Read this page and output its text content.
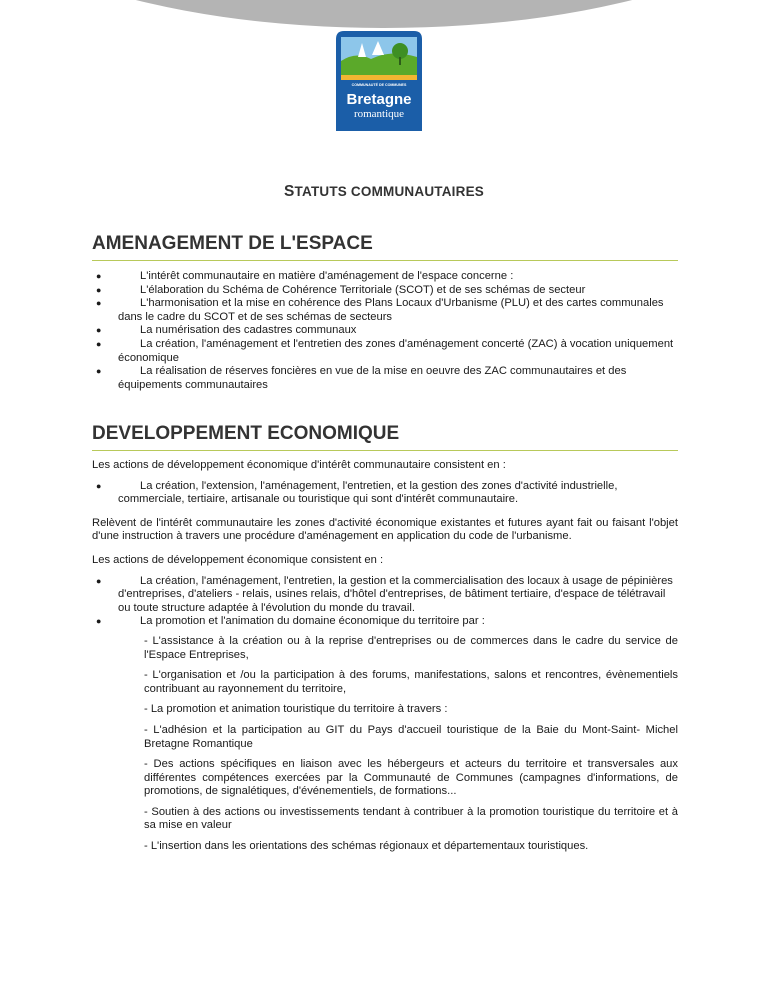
COMMUNAUTÉ DE COMMUNES
Bretagne
romantique
STATUTS COMMUNAUTAIRES
AMENAGEMENT DE L'ESPACE
●	L'intérêt communautaire en matière d'aménagement de l'espace concerne :
●	L'élaboration du Schéma de Cohérence Territoriale (SCOT) et de ses schémas de secteur
●	L'harmonisation et la mise en cohérence des Plans Locaux d'Urbanisme (PLU) et des cartes communales dans le cadre du SCOT et de ses schémas de secteurs
●	La numérisation des cadastres communaux
●	La création, l'aménagement et l'entretien des zones d'aménagement concerté (ZAC) à vocation uniquement économique
●	La réalisation de réserves foncières en vue de la mise en oeuvre des ZAC communautaires et des équipements communautaires
DEVELOPPEMENT ECONOMIQUE

Les actions de développement économique d'intérêt communautaire consistent en :

●	La création, l'extension, l'aménagement, l'entretien, et la gestion des zones d'activité industrielle, commerciale, tertiaire, artisanale ou touristique qui sont d'intérêt communautaire.

Relèvent de l'intérêt communautaire les zones d'activité économique existantes et futures ayant fait ou faisant l'objet d'une instruction à travers une procédure d'aménagement en application du code de l'urbanisme.

Les actions de développement économique consistent en :

●	La création, l'aménagement, l'entretien, la gestion et la commercialisation des locaux à usage de pépinières d'entreprises, d'ateliers - relais, usines relais, d'hôtel d'entreprises, de bâtiment tertiaire, d'espace de télétravail ou toute structure adaptée à l'évolution du monde du travail.
●	La promotion et l'animation du domaine économique du territoire par :

- L'assistance à la création ou à la reprise d'entreprises ou de commerces dans le cadre du service de l'Espace Entreprises,

- L'organisation et /ou la participation à des forums, manifestations, salons et rencontres, évènementiels contribuant au rayonnement du territoire,

- La promotion et animation touristique du territoire à travers :

- L'adhésion et la participation au GIT du Pays d'accueil touristique de la Baie du Mont-Saint- Michel Bretagne Romantique

- Des actions spécifiques en liaison avec les hébergeurs et acteurs du territoire et transversales aux différentes compétences exercées par la Communauté de Communes (campagnes d'informations, de promotions, de signalétiques, d'événementiels, de formations...

- Soutien à des actions ou investissements tendant à contribuer à la promotion touristique du territoire et à sa mise en valeur

- L'insertion dans les orientations des schémas régionaux et départementaux touristiques.
